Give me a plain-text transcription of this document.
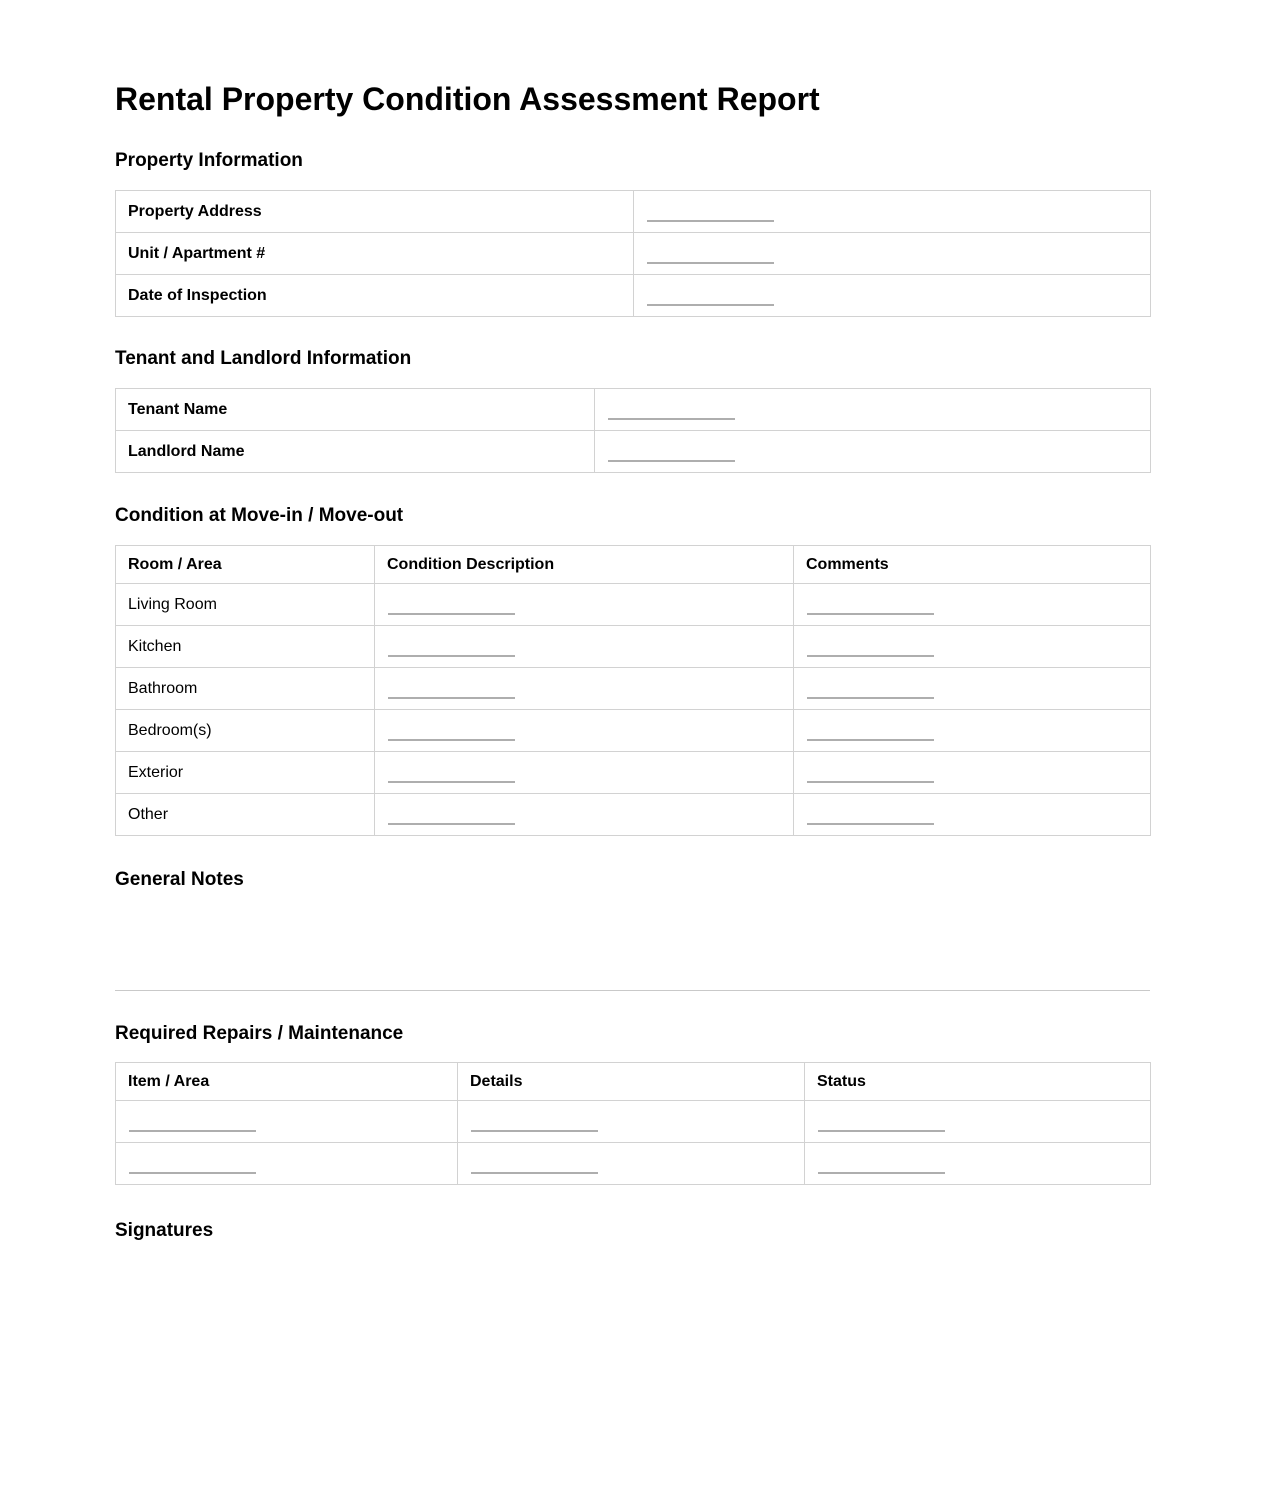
Rental Property Condition Assessment Report
Property Information
Property Address	

Unit / Apartment #	

Date of Inspection	
Tenant and Landlord Information
Tenant Name	

Landlord Name	
Condition at Move-in / Move-out
Room / Area	Condition Description	Comments
Living Room	

Kitchen	

Bathroom	

Bedroom(s)	

Exterior	

Other	

General Notes
Required Repairs / Maintenance
Item / Area	Details	Status

Signatures
